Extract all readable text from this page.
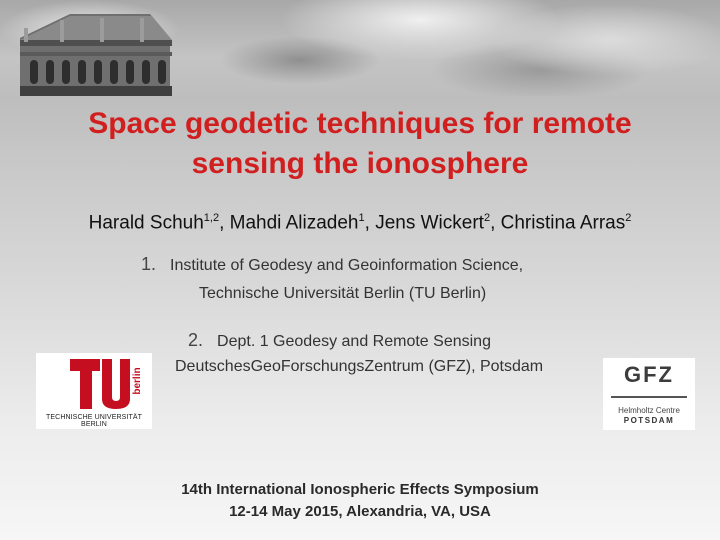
Space geodetic techniques for remote
sensing the ionosphere
Harald Schuh$^{1,2}$, Mahdi Alizadeh$^1$, Jens Wickert$^2$, Christina Arras$^2$
1. Institute of Geodesy and Geoinformation Science,
Technische Universität Berlin (TU Berlin)
2. Dept. 1 Geodesy and Remote Sensing
DeutschesGeoForschungsZentrum (GFZ), Potsdam
berlin
TECHNISCHE UNIVERSITÄT BERLIN
GFZ
Helmholtz Centre
POTSDAM
14th International Ionospheric Effects Symposium
12-14 May 2015, Alexandria, VA, USA
